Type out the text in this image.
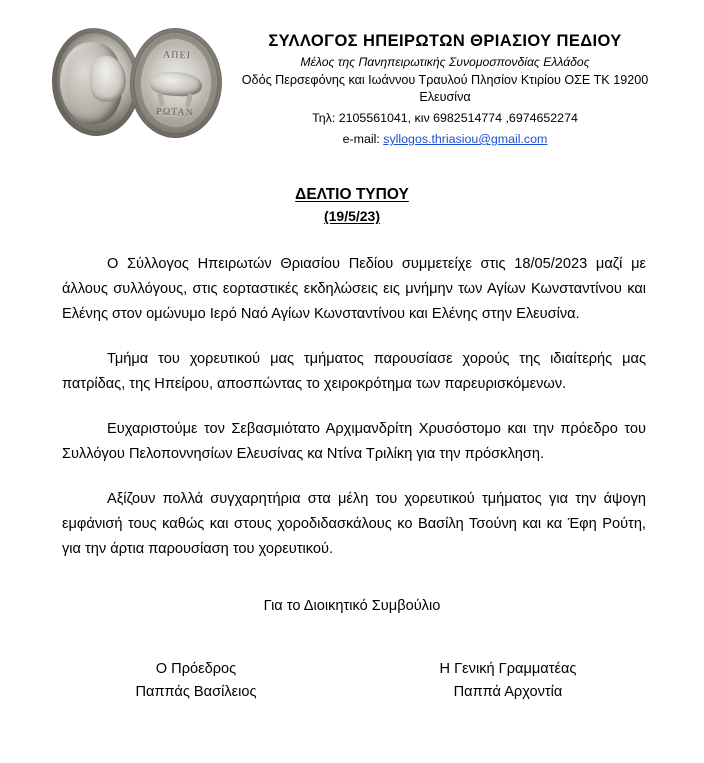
ΑΠΕΙ
ΡΩΤΑΝ
ΣΥΛΛΟΓΟΣ ΗΠΕΙΡΩΤΩΝ ΘΡΙΑΣΙΟΥ ΠΕΔΙΟΥ
Μέλος της Πανηπειρωτικής Συνομοσπονδίας Ελλάδος
Οδός Περσεφόνης και Ιωάννου Τραυλού Πλησίον Κτιρίου ΟΣΕ ΤΚ 19200
Ελευσίνα
Τηλ: 2105561041, κιν 6982514774 ,6974652274
e-mail: syllogos.thriasiou@gmail.com
ΔΕΛΤΙΟ ΤΥΠΟΥ
(19/5/23)

Ο Σύλλογος Ηπειρωτών Θριασίου Πεδίου συμμετείχε στις 18/05/2023 μαζί με άλλους συλλόγους, στις εορταστικές εκδηλώσεις εις μνήμην των Αγίων Κωνσταντίνου και Ελένης στον ομώνυμο Ιερό Ναό Αγίων Κωνσταντίνου και Ελένης στην Ελευσίνα.

Τμήμα του χορευτικού μας τμήματος παρουσίασε χορούς της ιδιαίτερής μας πατρίδας, της Ηπείρου, αποσπώντας το χειροκρότημα των παρευρισκόμενων.

Ευχαριστούμε τον Σεβασμιότατο Αρχιμανδρίτη Χρυσόστομο και την πρόεδρο του Συλλόγου Πελοποννησίων Ελευσίνας κα Ντίνα Τριλίκη για την πρόσκληση.

Αξίζουν πολλά συγχαρητήρια στα μέλη του χορευτικού τμήματος για την άψογη εμφάνισή τους καθώς και στους χοροδιδασκάλους κο Βασίλη Τσούνη και κα Έφη Ρούτη, για την άρτια παρουσίαση του χορευτικού.

Για το Διοικητικό Συμβούλιο
Ο Πρόεδρος
Παππάς Βασίλειος
Η Γενική Γραμματέας
Παππά Αρχοντία
